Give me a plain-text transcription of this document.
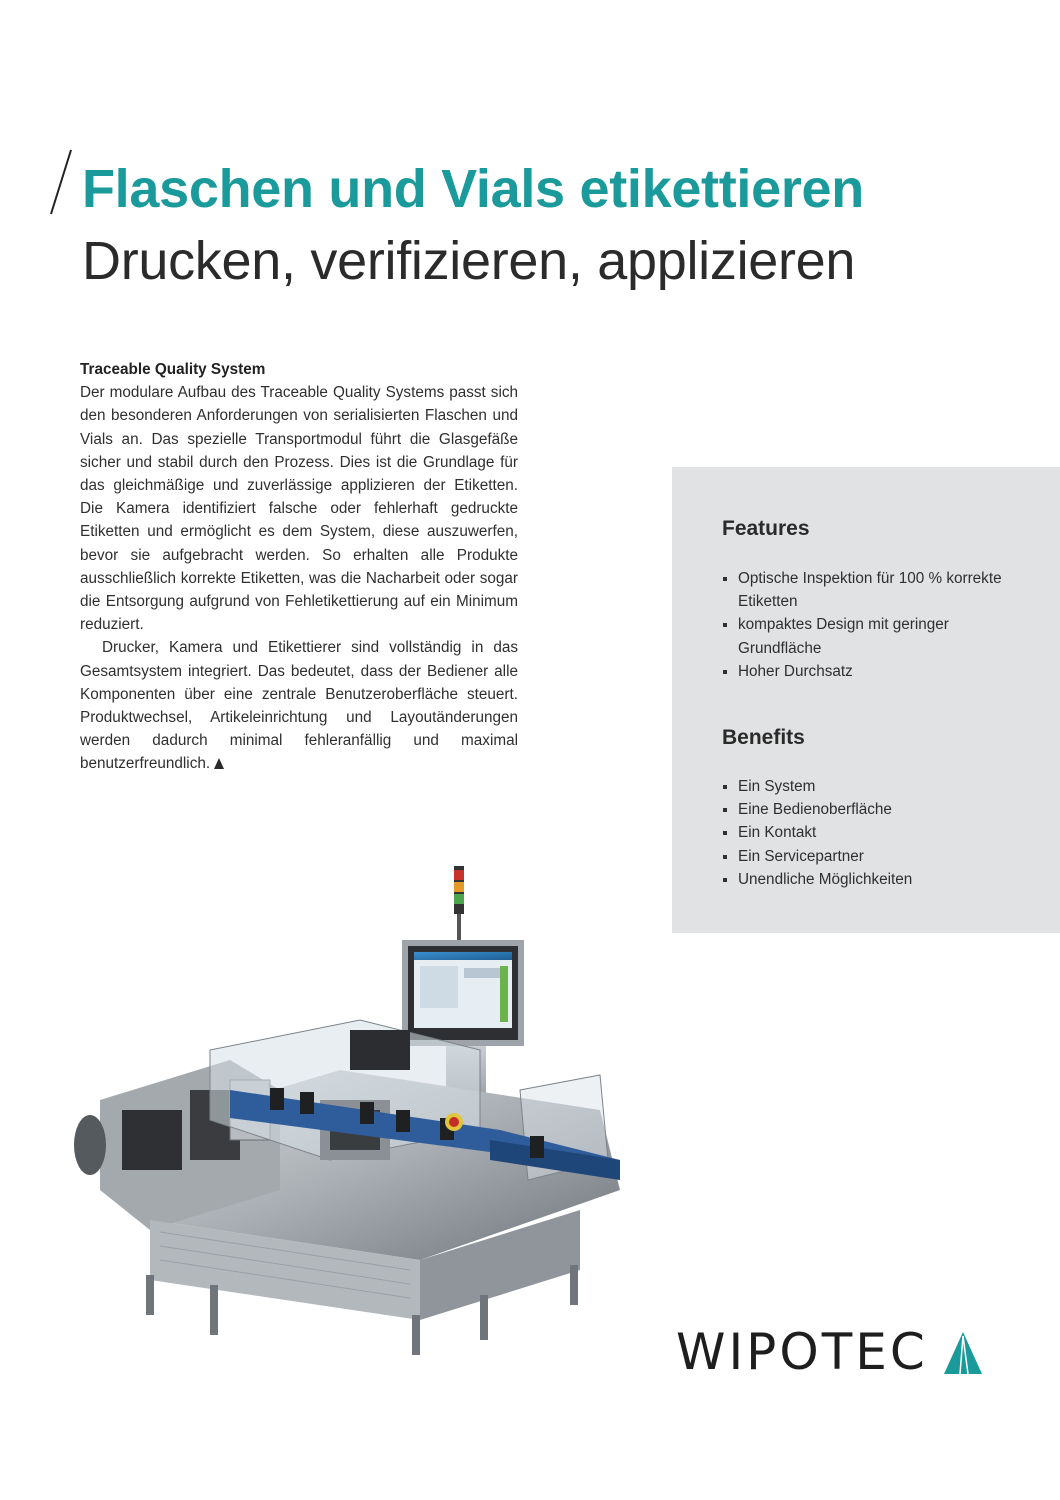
Flaschen und Vials etikettieren
Drucken, verifizieren, applizieren
Traceable Quality System

Der modulare Aufbau des Traceable Quality Systems passt sich den besonderen Anforderungen von serialisierten Flaschen und Vials an. Das spezielle Transportmodul führt die Glasgefäße sicher und stabil durch den Prozess. Dies ist die Grundlage für das gleichmäßige und zuverlässige applizieren der Etiketten. Die Kamera identifiziert falsche oder fehlerhaft gedruckte Etiketten und ermöglicht es dem System, diese auszuwerfen, bevor sie aufgebracht werden. So erhalten alle Produkte ausschließlich korrekte Etiketten, was die Nacharbeit oder sogar die Entsorgung aufgrund von Fehletikettierung auf ein Minimum reduziert.

Drucker, Kamera und Etikettierer sind vollständig in das Gesamtsystem integriert. Das bedeutet, dass der Bediener alle Komponenten über eine zentrale Benutzeroberfläche steuert. Produktwechsel, Artikeleinrichtung und Layoutänderungen werden dadurch minimal fehleranfällig und maximal benutzerfreundlich.

Features
Optische Inspektion für 100 % korrekte Etiketten
kompaktes Design mit geringer Grundfläche
Hoher Durchsatz
Benefits
Ein System
Eine Bedienoberfläche
Ein Kontakt
Ein Servicepartner
Unendliche Möglichkeiten
WIPOTEC
